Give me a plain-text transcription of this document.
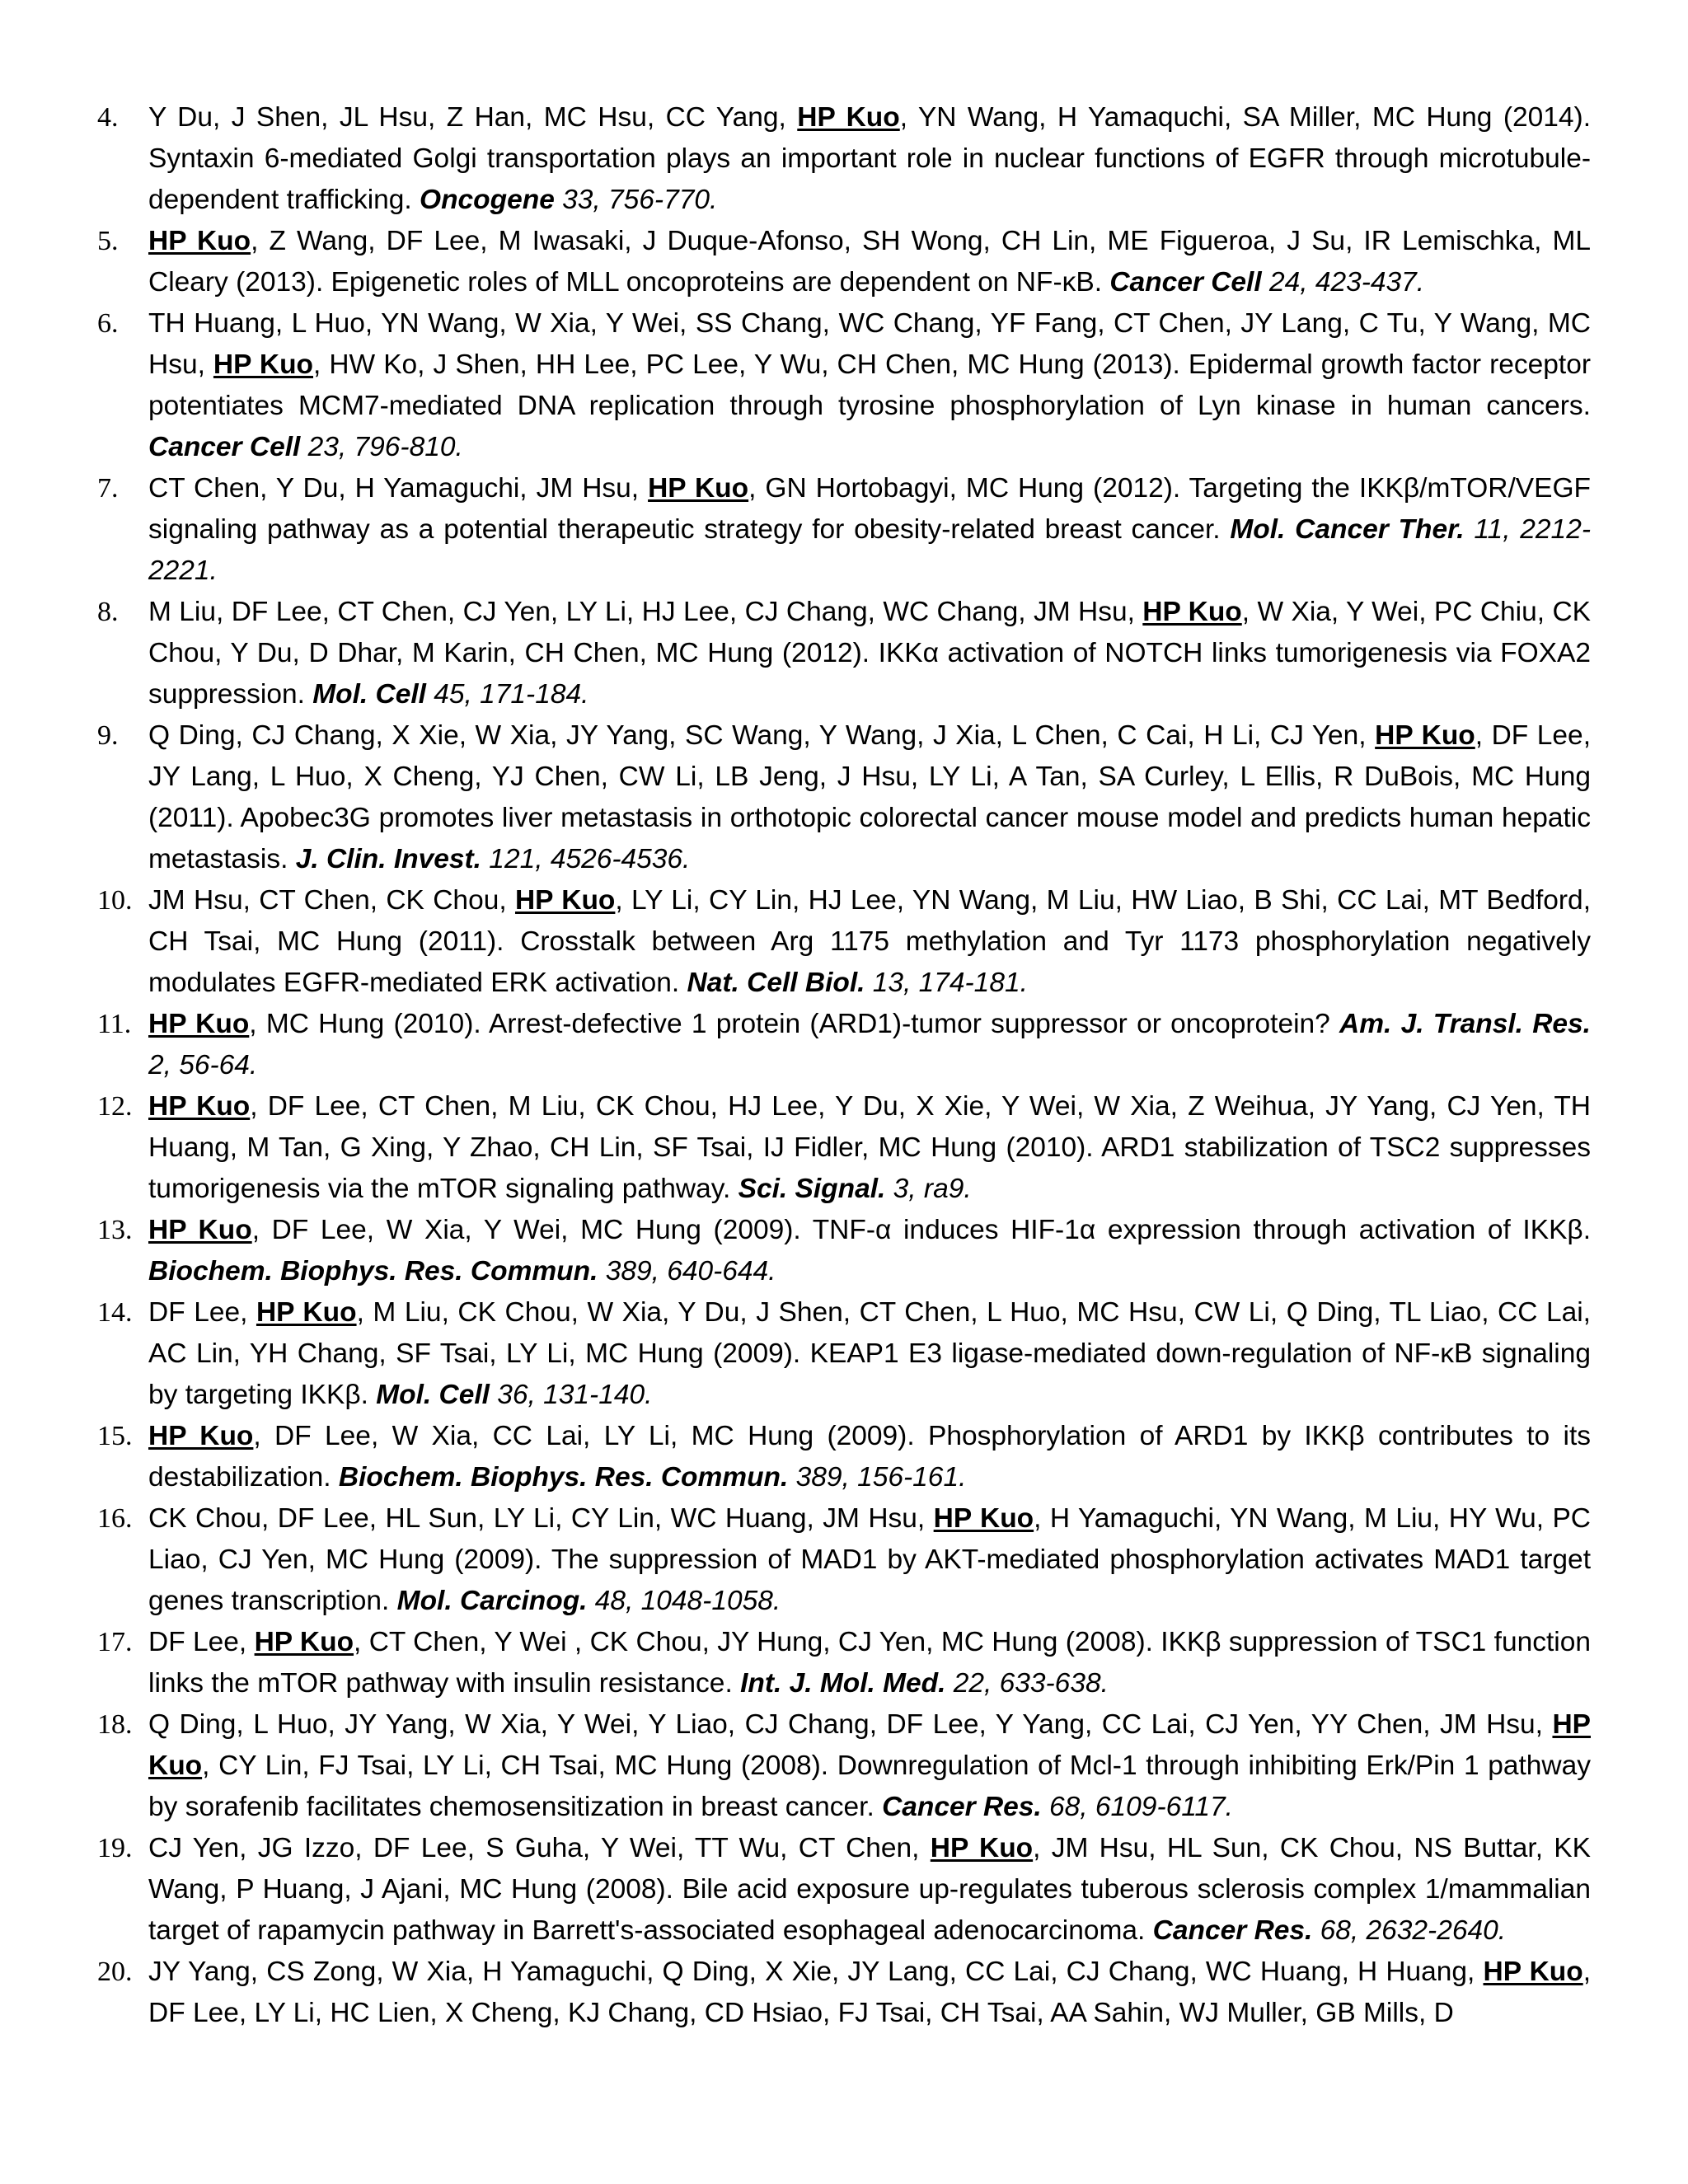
4. Y Du, J Shen, JL Hsu, Z Han, MC Hsu, CC Yang, HP Kuo, YN Wang, H Yamaquchi, SA Miller, MC Hung (2014). Syntaxin 6-mediated Golgi transportation plays an important role in nuclear functions of EGFR through microtubule-dependent trafficking. Oncogene 33, 756-770.
5. HP Kuo, Z Wang, DF Lee, M Iwasaki, J Duque-Afonso, SH Wong, CH Lin, ME Figueroa, J Su, IR Lemischka, ML Cleary (2013). Epigenetic roles of MLL oncoproteins are dependent on NF-κB. Cancer Cell 24, 423-437.
6. TH Huang, L Huo, YN Wang, W Xia, Y Wei, SS Chang, WC Chang, YF Fang, CT Chen, JY Lang, C Tu, Y Wang, MC Hsu, HP Kuo, HW Ko, J Shen, HH Lee, PC Lee, Y Wu, CH Chen, MC Hung (2013). Epidermal growth factor receptor potentiates MCM7-mediated DNA replication through tyrosine phosphorylation of Lyn kinase in human cancers. Cancer Cell 23, 796-810.
7. CT Chen, Y Du, H Yamaguchi, JM Hsu, HP Kuo, GN Hortobagyi, MC Hung (2012). Targeting the IKKβ/mTOR/VEGF signaling pathway as a potential therapeutic strategy for obesity-related breast cancer. Mol. Cancer Ther. 11, 2212-2221.
8. M Liu, DF Lee, CT Chen, CJ Yen, LY Li, HJ Lee, CJ Chang, WC Chang, JM Hsu, HP Kuo, W Xia, Y Wei, PC Chiu, CK Chou, Y Du, D Dhar, M Karin, CH Chen, MC Hung (2012). IKKα activation of NOTCH links tumorigenesis via FOXA2 suppression. Mol. Cell 45, 171-184.
9. Q Ding, CJ Chang, X Xie, W Xia, JY Yang, SC Wang, Y Wang, J Xia, L Chen, C Cai, H Li, CJ Yen, HP Kuo, DF Lee, JY Lang, L Huo, X Cheng, YJ Chen, CW Li, LB Jeng, J Hsu, LY Li, A Tan, SA Curley, L Ellis, R DuBois, MC Hung (2011). Apobec3G promotes liver metastasis in orthotopic colorectal cancer mouse model and predicts human hepatic metastasis. J. Clin. Invest. 121, 4526-4536.
10. JM Hsu, CT Chen, CK Chou, HP Kuo, LY Li, CY Lin, HJ Lee, YN Wang, M Liu, HW Liao, B Shi, CC Lai, MT Bedford, CH Tsai, MC Hung (2011). Crosstalk between Arg 1175 methylation and Tyr 1173 phosphorylation negatively modulates EGFR-mediated ERK activation. Nat. Cell Biol. 13, 174-181.
11. HP Kuo, MC Hung (2010). Arrest-defective 1 protein (ARD1)-tumor suppressor or oncoprotein? Am. J. Transl. Res. 2, 56-64.
12. HP Kuo, DF Lee, CT Chen, M Liu, CK Chou, HJ Lee, Y Du, X Xie, Y Wei, W Xia, Z Weihua, JY Yang, CJ Yen, TH Huang, M Tan, G Xing, Y Zhao, CH Lin, SF Tsai, IJ Fidler, MC Hung (2010). ARD1 stabilization of TSC2 suppresses tumorigenesis via the mTOR signaling pathway. Sci. Signal. 3, ra9.
13. HP Kuo, DF Lee, W Xia, Y Wei, MC Hung (2009). TNF-α induces HIF-1α expression through activation of IKKβ. Biochem. Biophys. Res. Commun. 389, 640-644.
14. DF Lee, HP Kuo, M Liu, CK Chou, W Xia, Y Du, J Shen, CT Chen, L Huo, MC Hsu, CW Li, Q Ding, TL Liao, CC Lai, AC Lin, YH Chang, SF Tsai, LY Li, MC Hung (2009). KEAP1 E3 ligase-mediated down-regulation of NF-κB signaling by targeting IKKβ. Mol. Cell 36, 131-140.
15. HP Kuo, DF Lee, W Xia, CC Lai, LY Li, MC Hung (2009). Phosphorylation of ARD1 by IKKβ contributes to its destabilization. Biochem. Biophys. Res. Commun. 389, 156-161.
16. CK Chou, DF Lee, HL Sun, LY Li, CY Lin, WC Huang, JM Hsu, HP Kuo, H Yamaguchi, YN Wang, M Liu, HY Wu, PC Liao, CJ Yen, MC Hung (2009). The suppression of MAD1 by AKT-mediated phosphorylation activates MAD1 target genes transcription. Mol. Carcinog. 48, 1048-1058.
17. DF Lee, HP Kuo, CT Chen, Y Wei , CK Chou, JY Hung, CJ Yen, MC Hung (2008). IKKβ suppression of TSC1 function links the mTOR pathway with insulin resistance. Int. J. Mol. Med. 22, 633-638.
18. Q Ding, L Huo, JY Yang, W Xia, Y Wei, Y Liao, CJ Chang, DF Lee, Y Yang, CC Lai, CJ Yen, YY Chen, JM Hsu, HP Kuo, CY Lin, FJ Tsai, LY Li, CH Tsai, MC Hung (2008). Downregulation of Mcl-1 through inhibiting Erk/Pin 1 pathway by sorafenib facilitates chemosensitization in breast cancer. Cancer Res. 68, 6109-6117.
19. CJ Yen, JG Izzo, DF Lee, S Guha, Y Wei, TT Wu, CT Chen, HP Kuo, JM Hsu, HL Sun, CK Chou, NS Buttar, KK Wang, P Huang, J Ajani, MC Hung (2008). Bile acid exposure up-regulates tuberous sclerosis complex 1/mammalian target of rapamycin pathway in Barrett's-associated esophageal adenocarcinoma. Cancer Res. 68, 2632-2640.
20. JY Yang, CS Zong, W Xia, H Yamaguchi, Q Ding, X Xie, JY Lang, CC Lai, CJ Chang, WC Huang, H Huang, HP Kuo, DF Lee, LY Li, HC Lien, X Cheng, KJ Chang, CD Hsiao, FJ Tsai, CH Tsai, AA Sahin, WJ Muller, GB Mills, D
